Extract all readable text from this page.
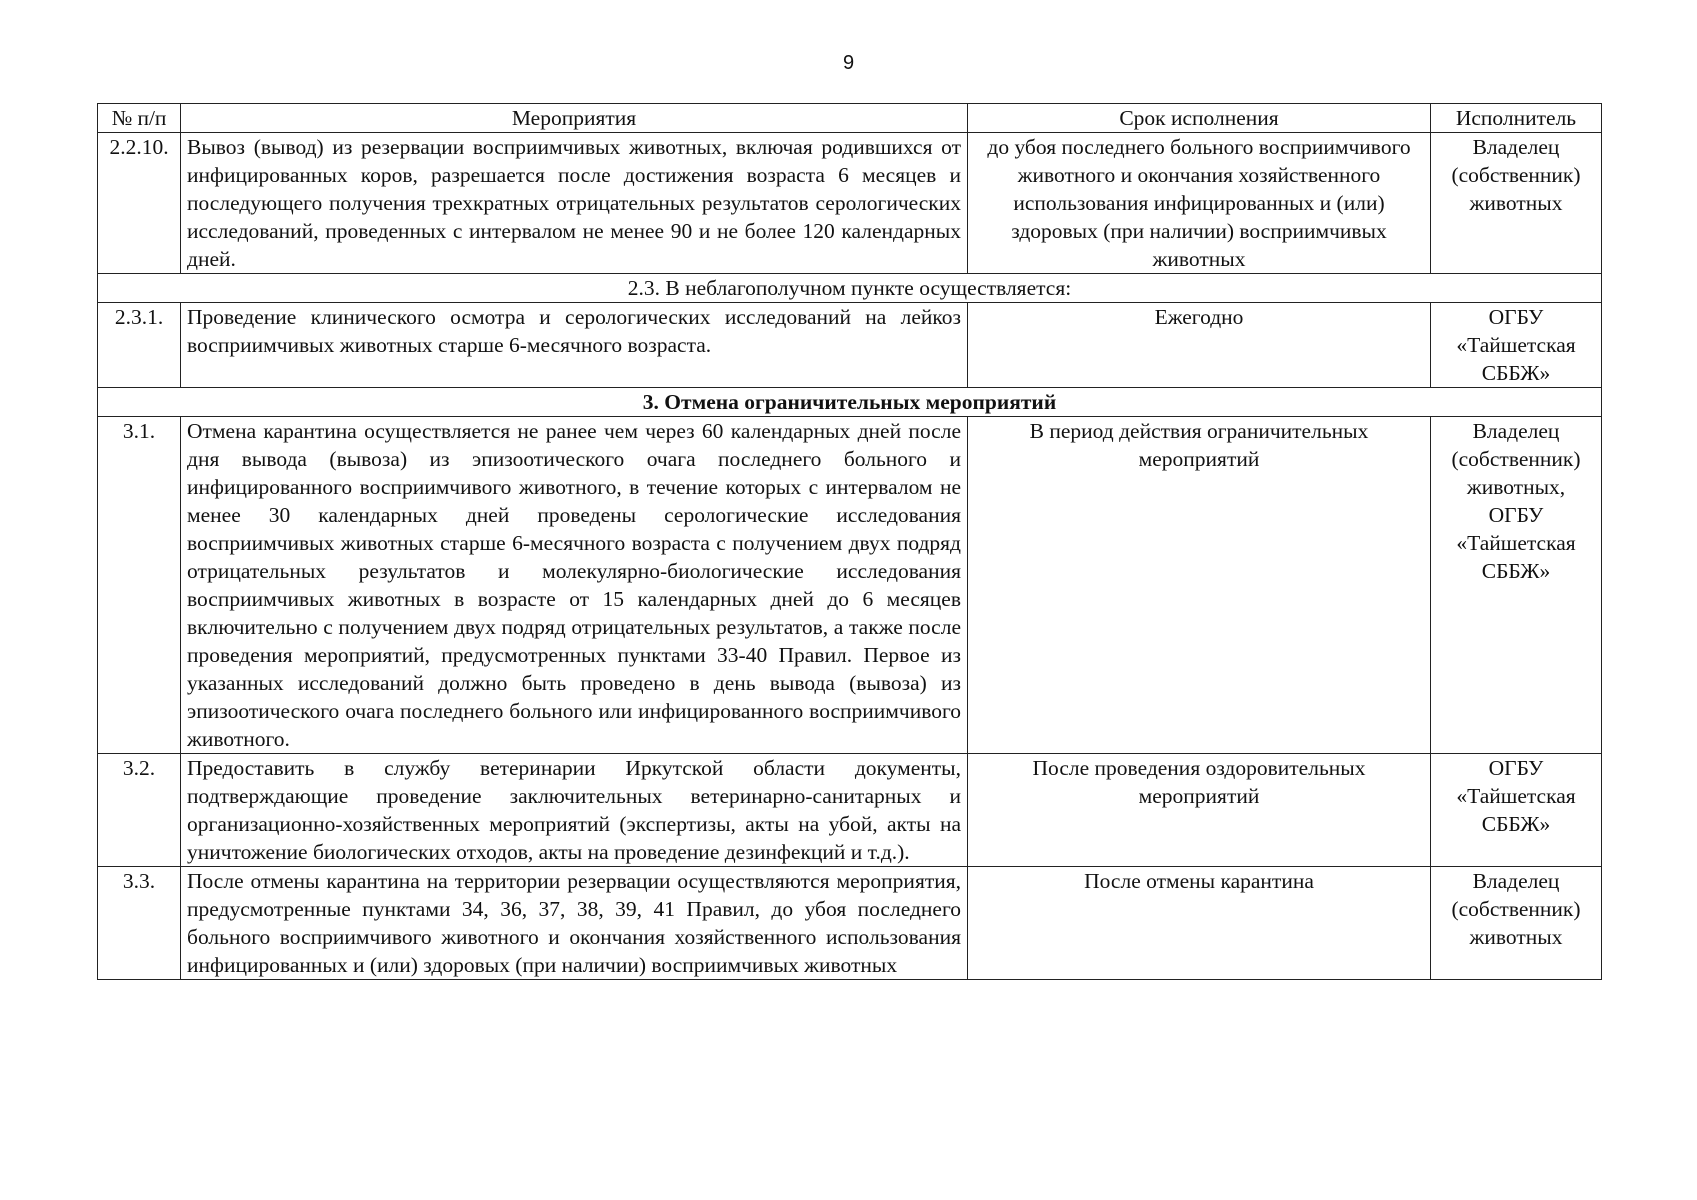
9
№ п/п	Мероприятия	Срок исполнения	Исполнитель
2.2.10.	Вывоз (вывод) из резервации восприимчивых животных, включая родившихся от инфицированных коров, разрешается после достижения возраста 6 месяцев и последующего получения трехкратных отрицательных результатов серологических исследований, проведенных с интервалом не менее 90 и не более 120 календарных дней.	до убоя последнего больного восприимчивого животного и окончания хозяйственного использования инфицированных и (или) здоровых (при наличии) восприимчивых животных	Владелец (собственник) животных
2.3. В неблагополучном пункте осуществляется:			
2.3.1.	Проведение клинического осмотра и серологических исследований на лейкоз восприимчивых животных старше 6-месячного возраста.	Ежегодно	ОГБУ «Тайшетская СББЖ»
3. Отмена ограничительных мероприятий			
3.1.	Отмена карантина осуществляется не ранее чем через 60 календарных дней после дня вывода (вывоза) из эпизоотического очага последнего больного и инфицированного восприимчивого животного, в течение которых с интервалом не менее 30 календарных дней проведены серологические исследования восприимчивых животных старше 6-месячного возраста с получением двух подряд отрицательных результатов и молекулярно-биологические исследования восприимчивых животных в возрасте от 15 календарных дней до 6 месяцев включительно с получением двух подряд отрицательных результатов, а также после проведения мероприятий, предусмотренных пунктами 33-40 Правил. Первое из указанных исследований должно быть проведено в день вывода (вывоза) из эпизоотического очага последнего больного или инфицированного восприимчивого животного.	В период действия ограничительных мероприятий	Владелец (собственник) животных, ОГБУ «Тайшетская СББЖ»
3.2.	Предоставить в службу ветеринарии Иркутской области документы, подтверждающие проведение заключительных ветеринарно-санитарных и организационно-хозяйственных мероприятий (экспертизы, акты на убой, акты на уничтожение биологических отходов, акты на проведение дезинфекций и т.д.).	После проведения оздоровительных мероприятий	ОГБУ «Тайшетская СББЖ»
3.3.	После отмены карантина на территории резервации осуществляются мероприятия, предусмотренные пунктами 34, 36, 37, 38, 39, 41 Правил, до убоя последнего больного восприимчивого животного и окончания хозяйственного использования инфицированных и (или) здоровых (при наличии) восприимчивых животных	После отмены карантина	Владелец (собственник) животных
